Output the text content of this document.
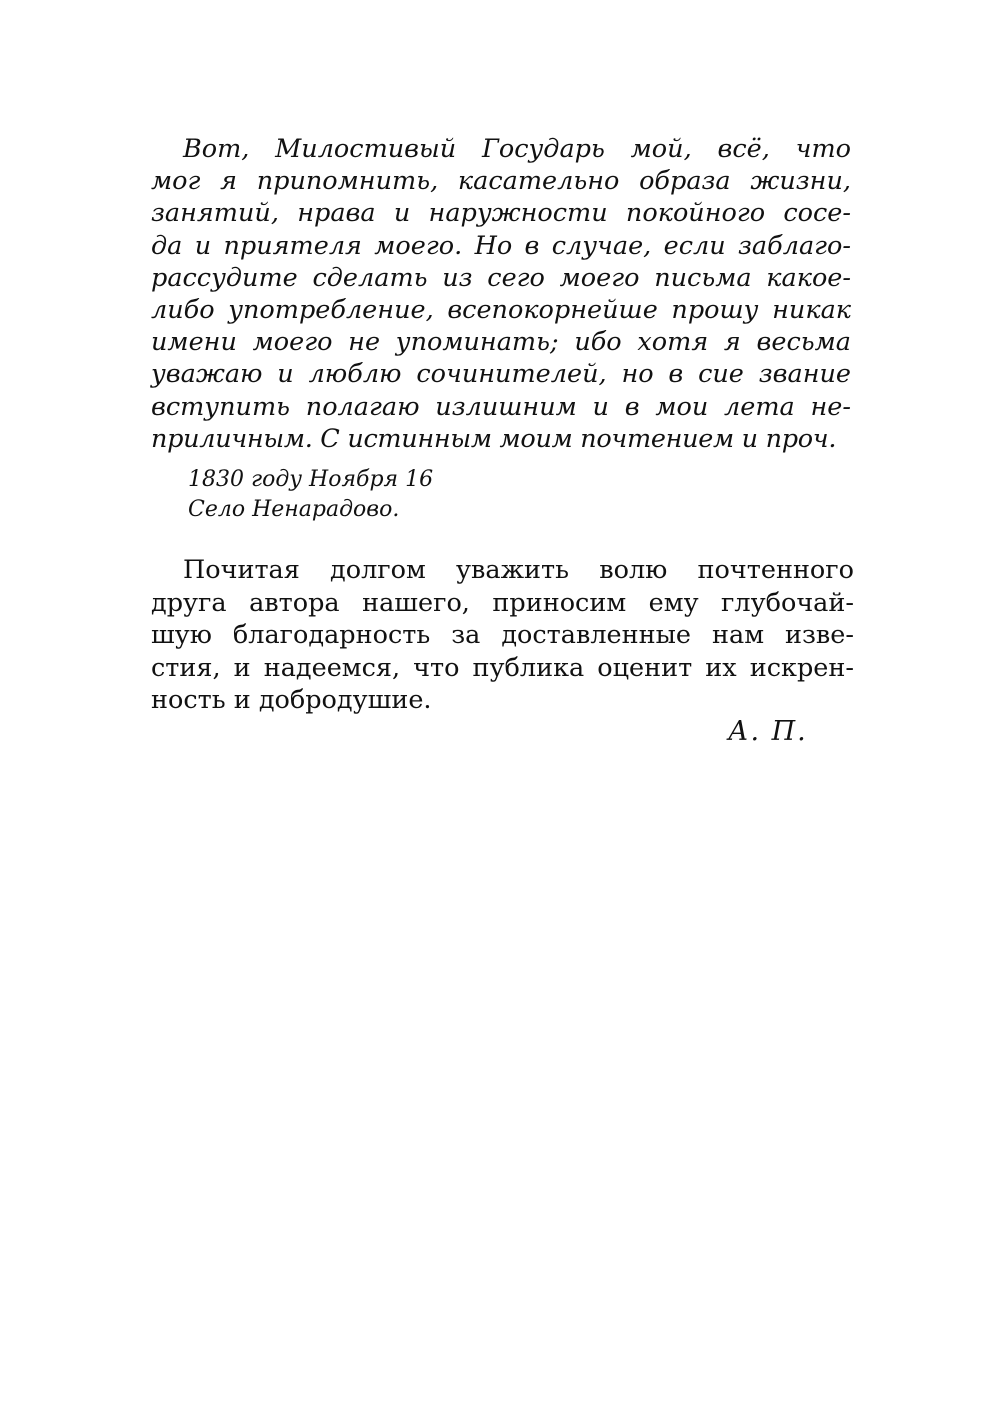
Вот, Милостивый Государь мой, всё, что
мог я припомнить, касательно образа жизни,
занятий, нрава и наружности покойного сосе-
да и приятеля моего. Но в случае, если заблаго-
рассудите сделать из сего моего письма какое-
либо употребление, всепокорнейше прошу никак
имени моего не упоминать; ибо хотя я весьма
уважаю и люблю сочинителей, но в сие звание
вступить полагаю излишним и в мои лета не-
приличным. С истинным моим почтением и проч.
1830 году Ноября 16
Село Ненарадово.
Почитая долгом уважить волю почтенного
друга автора нашего, приносим ему глубочай-
шую благодарность за доставленные нам изве-
стия, и надеемся, что публика оценит их искрен-
ность и добродушие.
А. П.
